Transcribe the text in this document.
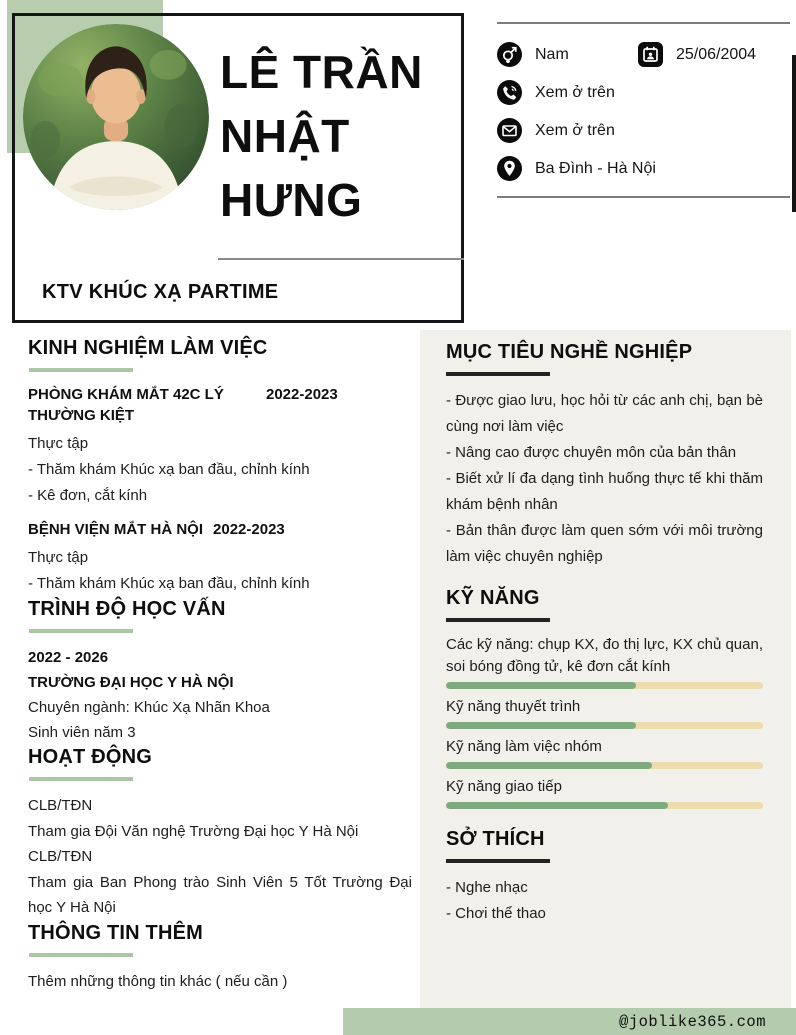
LÊ TRẦN NHẬT HƯNG
KTV KHÚC XẠ PARTIME
Nam	25/06/2004
Xem ở trên
Xem ở trên
Ba Đình - Hà Nội
KINH NGHIỆM LÀM VIỆC
PHÒNG KHÁM MẮT 42C LÝ THƯỜNG KIỆT
2022-2023

Thực tập

- Thăm khám Khúc xạ ban đầu, chỉnh kính

- Kê đơn, cắt kính

BỆNH VIỆN MẮT HÀ NỘI 2022-2023

Thực tập

- Thăm khám Khúc xạ ban đầu, chỉnh kính

TRÌNH ĐỘ HỌC VẤN

2022 - 2026

TRƯỜNG ĐẠI HỌC Y HÀ NỘI

Chuyên ngành: Khúc Xạ Nhãn Khoa

Sinh viên năm 3

HOẠT ĐỘNG

CLB/TĐN

Tham gia Đội Văn nghệ Trường Đại học Y Hà Nội

CLB/TĐN

Tham gia Ban Phong trào Sinh Viên 5 Tốt Trường Đại học Y Hà Nội

THÔNG TIN THÊM

Thêm những thông tin khác ( nếu cần )

MỤC TIÊU NGHỀ NGHIỆP

- Được giao lưu, học hỏi từ các anh chị, bạn bè cùng nơi làm việc

- Nâng cao được chuyên môn của bản thân

- Biết xử lí đa dạng tình huống thực tế khi thăm khám bệnh nhân

- Bản thân được làm quen sớm với môi trường làm việc chuyên nghiệp

KỸ NĂNG

Các kỹ năng: chụp KX, đo thị lực, KX chủ quan, soi bóng đồng tử, kê đơn cắt kính

Kỹ năng thuyết trình

Kỹ năng làm việc nhóm

Kỹ năng giao tiếp

SỞ THÍCH

- Nghe nhạc

- Chơi thể thao

@joblike365.com
